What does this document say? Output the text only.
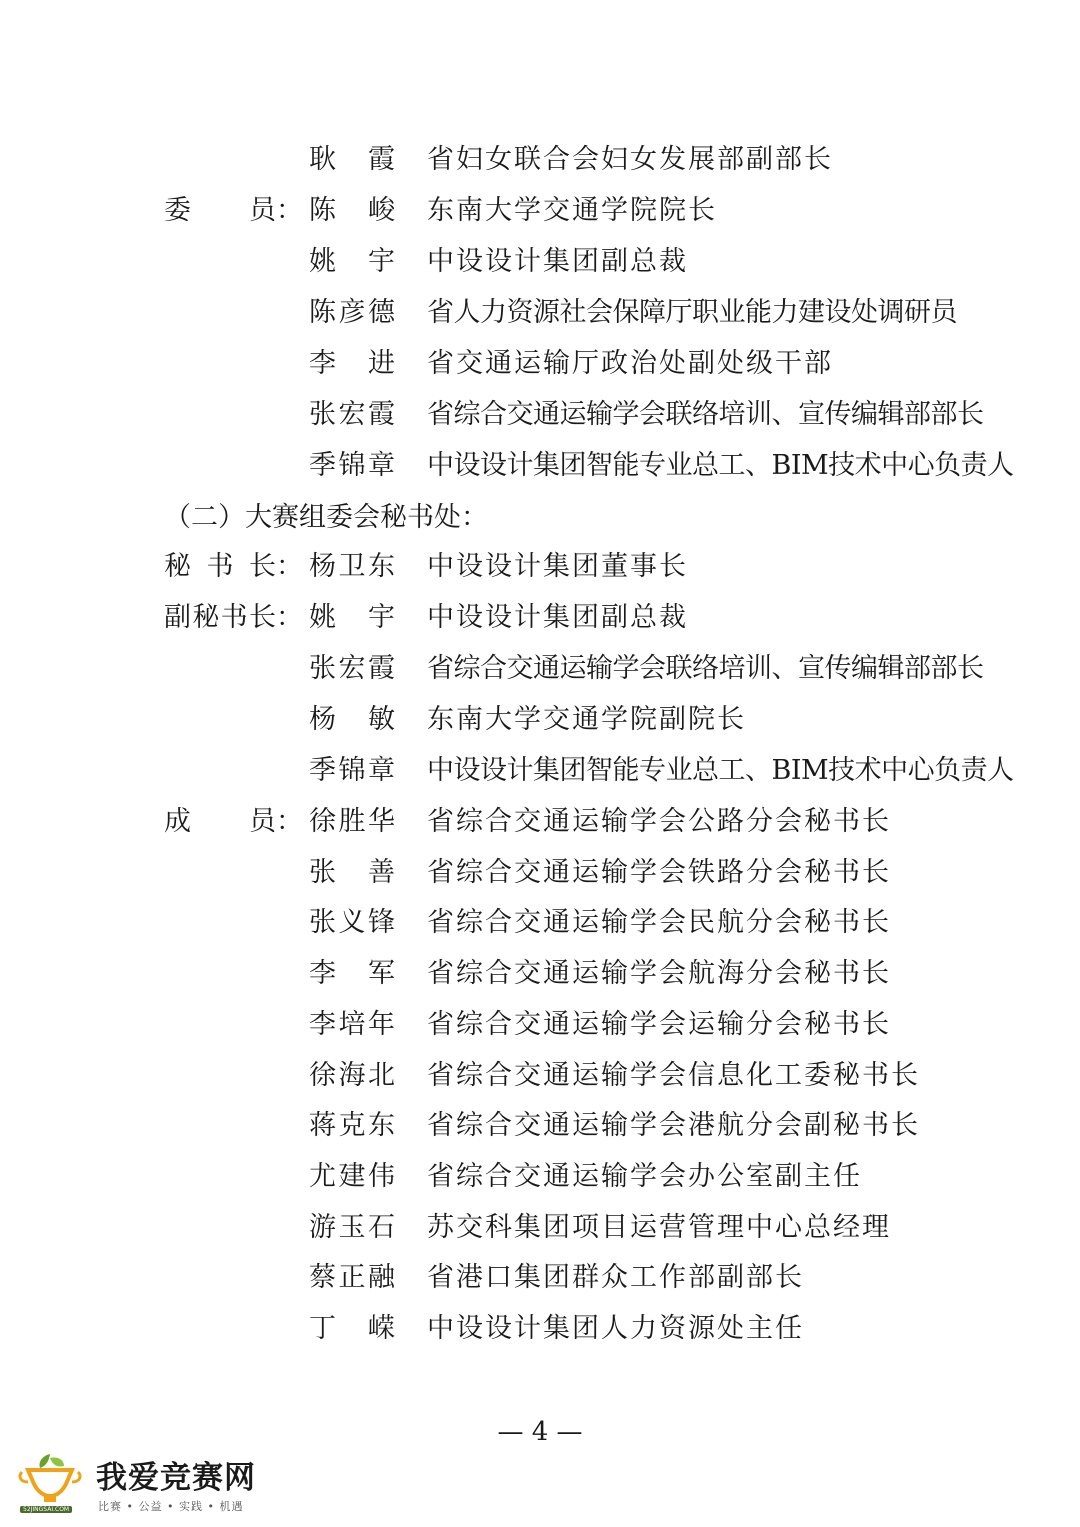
耿　霞 省妇女联合会妇女发展部副部长
委　　员 ： 陈　峻 东南大学交通学院院长
姚　宇 中设设计集团副总裁
陈彦德 省人力资源社会保障厅职业能力建设处调研员
李　进 省交通运输厅政治处副处级干部
张宏霞 省综合交通运输学会联络培训、宣传编辑部部长
季锦章 中设设计集团智能专业总工、BIM技术中心负责人
秘 书 长 ： 杨卫东 中设设计集团董事长
副秘书长 ： 姚　宇 中设设计集团副总裁
张宏霞 省综合交通运输学会联络培训、宣传编辑部部长
杨　敏 东南大学交通学院副院长
季锦章 中设设计集团智能专业总工、BIM技术中心负责人
成　　员 ： 徐胜华 省综合交通运输学会公路分会秘书长
张　善 省综合交通运输学会铁路分会秘书长
张义锋 省综合交通运输学会民航分会秘书长
李　军 省综合交通运输学会航海分会秘书长
李培年 省综合交通运输学会运输分会秘书长
徐海北 省综合交通运输学会信息化工委秘书长
蒋克东 省综合交通运输学会港航分会副秘书长
尤建伟 省综合交通运输学会办公室副主任
游玉石 苏交科集团项目运营管理中心总经理
蔡正融 省港口集团群众工作部副部长
丁　嵘 中设设计集团人力资源处主任
（二）大赛组委会秘书处：
— 4 —
52JINGSAI.COM
我爱竞赛网
比赛 • 公益 • 实践 • 机遇
